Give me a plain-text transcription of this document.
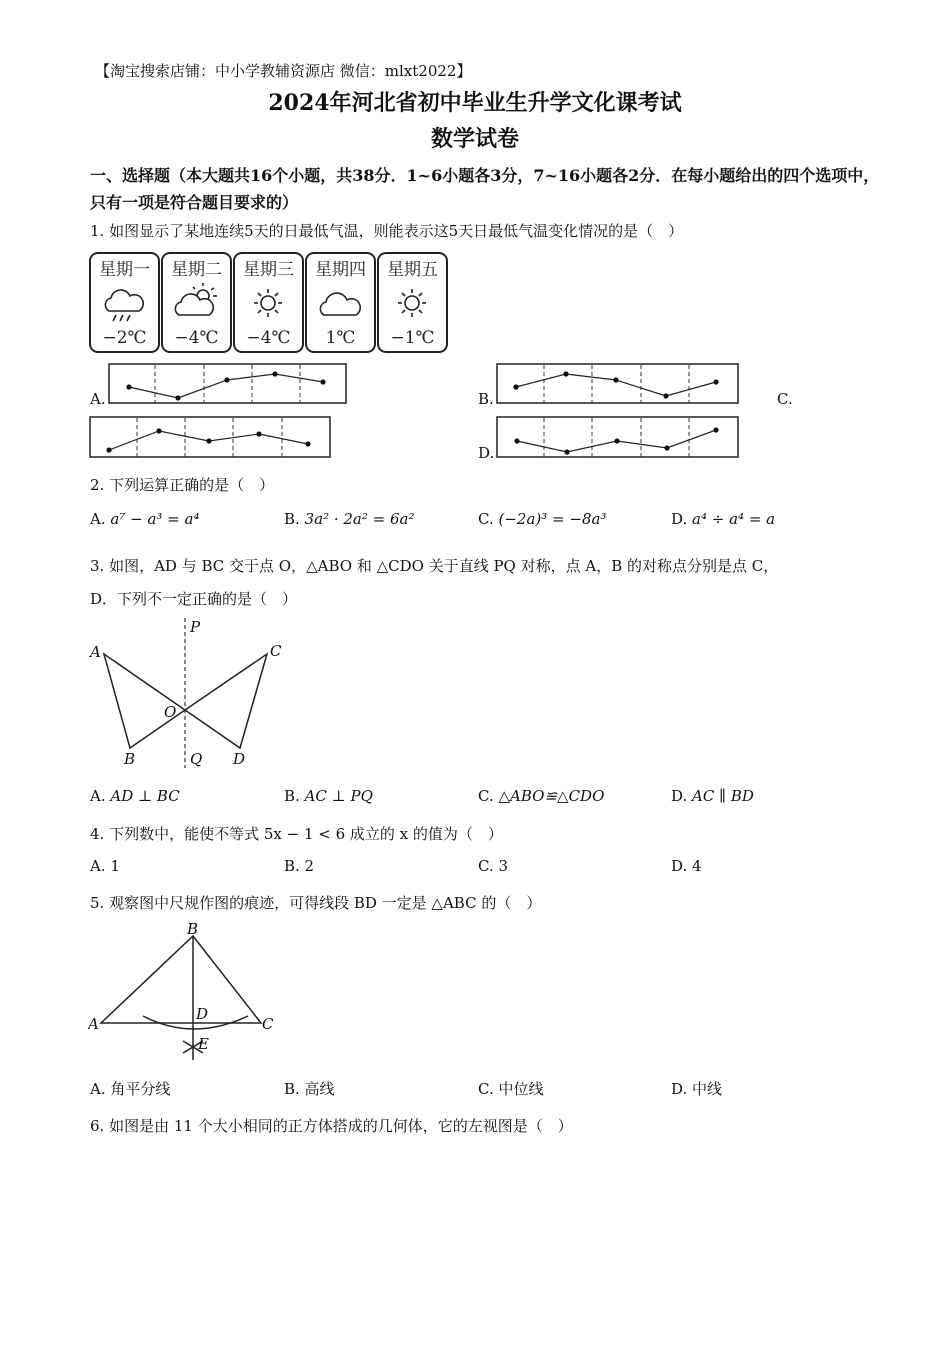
【淘宝搜索店铺：中小学教辅资源店 微信：mlxt2022】
2024年河北省初中毕业生升学文化课考试
数学试卷
一、选择题（本大题共16个小题，共38分．1~6小题各3分，7~16小题各2分．在每小题给出的四个选项中，只有一项是符合题目要求的）
1. 如图显示了某地连续5天的日最低气温，则能表示这5天日最低气温变化情况的是（　）
星期一
−2℃
星期二
−4℃
星期三
−4℃
星期四
1℃
星期五
−1℃
A.	B.	C.
D.
2. 下列运算正确的是（　）
A. a⁷ − a³ = a⁴	B. 3a² · 2a² = 6a²	C. (−2a)³ = −8a³	D. a⁴ ÷ a⁴ = a
3. 如图，AD 与 BC 交于点 O，△ABO 和 △CDO 关于直线 PQ 对称，点 A，B 的对称点分别是点 C，
D．下列不一定正确的是（　）
P
A	C
O
B	Q D
A. AD ⊥ BC	B. AC ⊥ PQ	C. △ABO≌△CDO	D. AC ∥ BD
4. 下列数中，能使不等式 5x − 1 < 6 成立的 x 的值为（　）
A. 1	B. 2	C. 3	D. 4
5. 观察图中尺规作图的痕迹，可得线段 BD 一定是 △ABC 的（　）
B
A
D
C
E
A. 角平分线	B. 高线	C. 中位线	D. 中线
6. 如图是由 11 个大小相同的正方体搭成的几何体，它的左视图是（　）
